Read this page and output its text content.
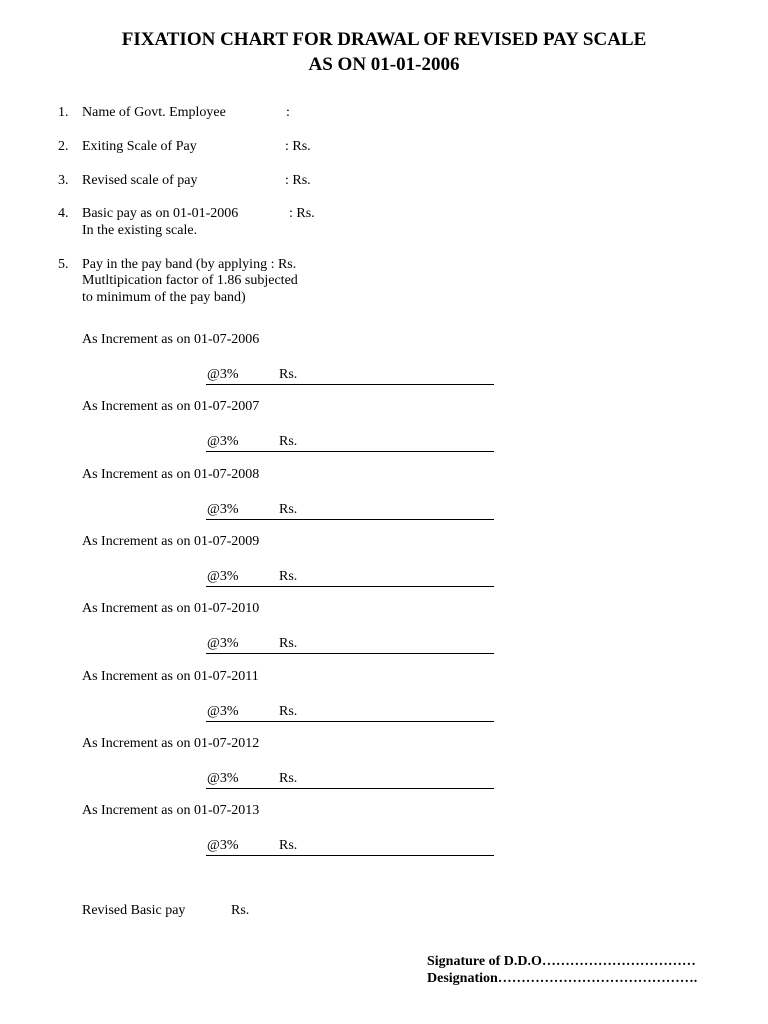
FIXATION CHART FOR DRAWAL OF REVISED PAY SCALE
AS ON 01-01-2006
1. Name of Govt. Employee	:
2. Exiting Scale of Pay	: Rs.
3. Revised scale of pay	: Rs.
4. Basic pay as on 01-01-2006
In the existing scale.
: Rs.
5. Pay in the pay band (by applying : Rs.
Mutltipication factor of 1.86 subjected
to minimum of the pay band)
As Increment as on 01-07-2006
@3%	Rs.
As Increment as on 01-07-2007
@3%	Rs.
As Increment as on 01-07-2008
@3%	Rs.
As Increment as on 01-07-2009
@3%	Rs.
As Increment as on 01-07-2010
@3%	Rs.
As Increment as on 01-07-2011
@3%	Rs.
As Increment as on 01-07-2012
@3%	Rs.
As Increment as on 01-07-2013
@3%	Rs.
Revised Basic pay	Rs.
Signature of D.D.O……………………………
Designation…………………………………….
